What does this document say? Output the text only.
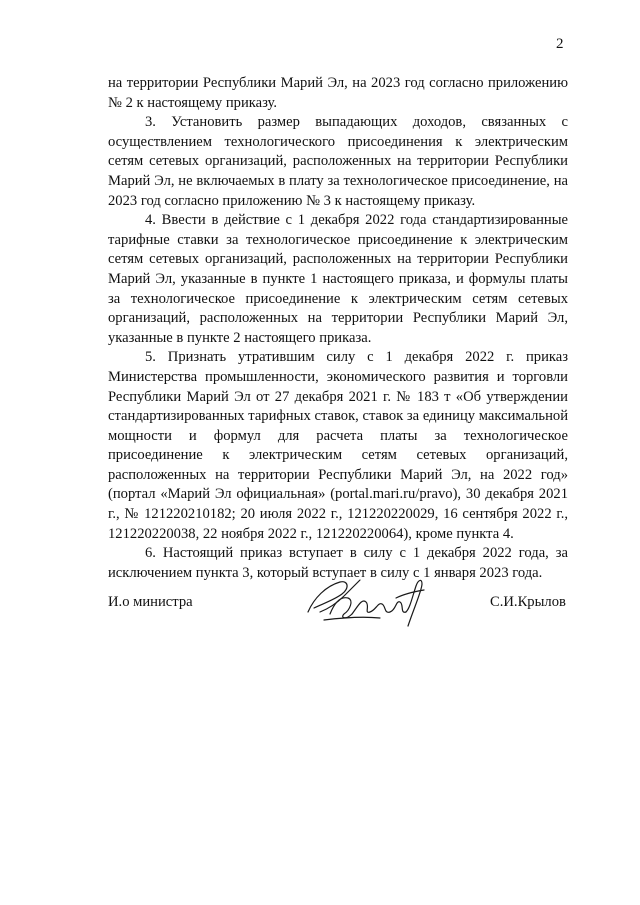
2

на территории Республики Марий Эл, на 2023 год согласно приложению № 2 к настоящему приказу.

3. Установить размер выпадающих доходов, связанных с осуществлением технологического присоединения к электрическим сетям сетевых организаций, расположенных на территории Республики Марий Эл, не включаемых в плату за технологическое присоединение, на 2023 год согласно приложению № 3 к настоящему приказу.

4. Ввести в действие с 1 декабря 2022 года стандартизированные тарифные ставки за технологическое присоединение к электрическим сетям сетевых организаций, расположенных на территории Республики Марий Эл, указанные в пункте 1 настоящего приказа, и формулы платы за технологическое присоединение к электрическим сетям сетевых организаций, расположенных на территории Республики Марий Эл, указанные в пункте 2 настоящего приказа.

5. Признать утратившим силу с 1 декабря 2022 г. приказ Министерства промышленности, экономического развития и торговли Республики Марий Эл от 27 декабря 2021 г. № 183 т «Об утверждении стандартизированных тарифных ставок, ставок за единицу максимальной мощности и формул для расчета платы за технологическое присоединение к электрическим сетям сетевых организаций, расположенных на территории Республики Марий Эл, на 2022 год» (портал «Марий Эл официальная» (portal.mari.ru/pravo), 30 декабря 2021 г., № 121220210182; 20 июля 2022 г., 121220220029, 16 сентября 2022 г., 121220220038, 22 ноября 2022 г., 121220220064), кроме пункта 4.

6. Настоящий приказ вступает в силу с 1 декабря 2022 года, за исключением пункта 3, который вступает в силу с 1 января 2023 года.

И.о министра	С.И.Крылов
